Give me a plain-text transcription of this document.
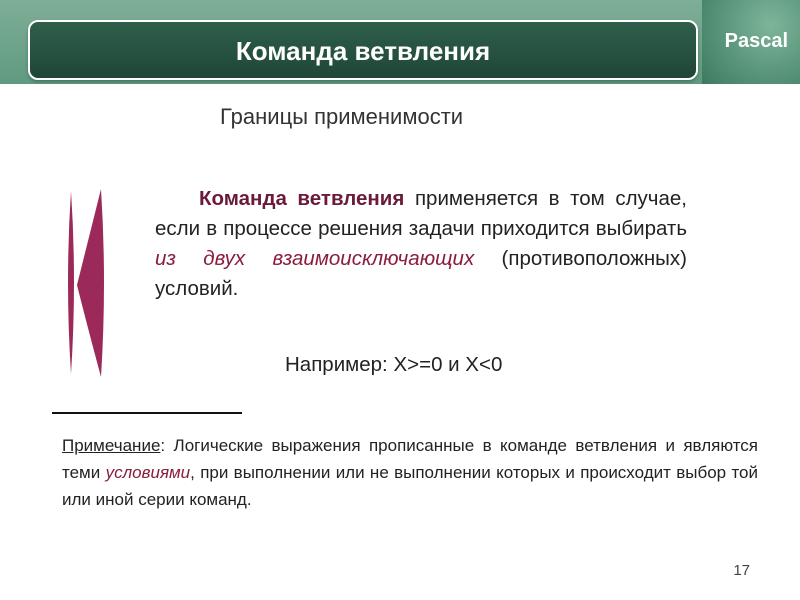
Pascal
Команда ветвления
Границы применимости
Команда ветвления применяется в том случае, если в процессе решения задачи приходится выбирать из двух взаимоисключающих (противоположных) условий.
Например: X>=0 и X<0
Примечание: Логические выражения прописанные в команде ветвления и являются теми условиями, при выполнении или не выполнении которых и происходит выбор той или иной серии команд.
17
